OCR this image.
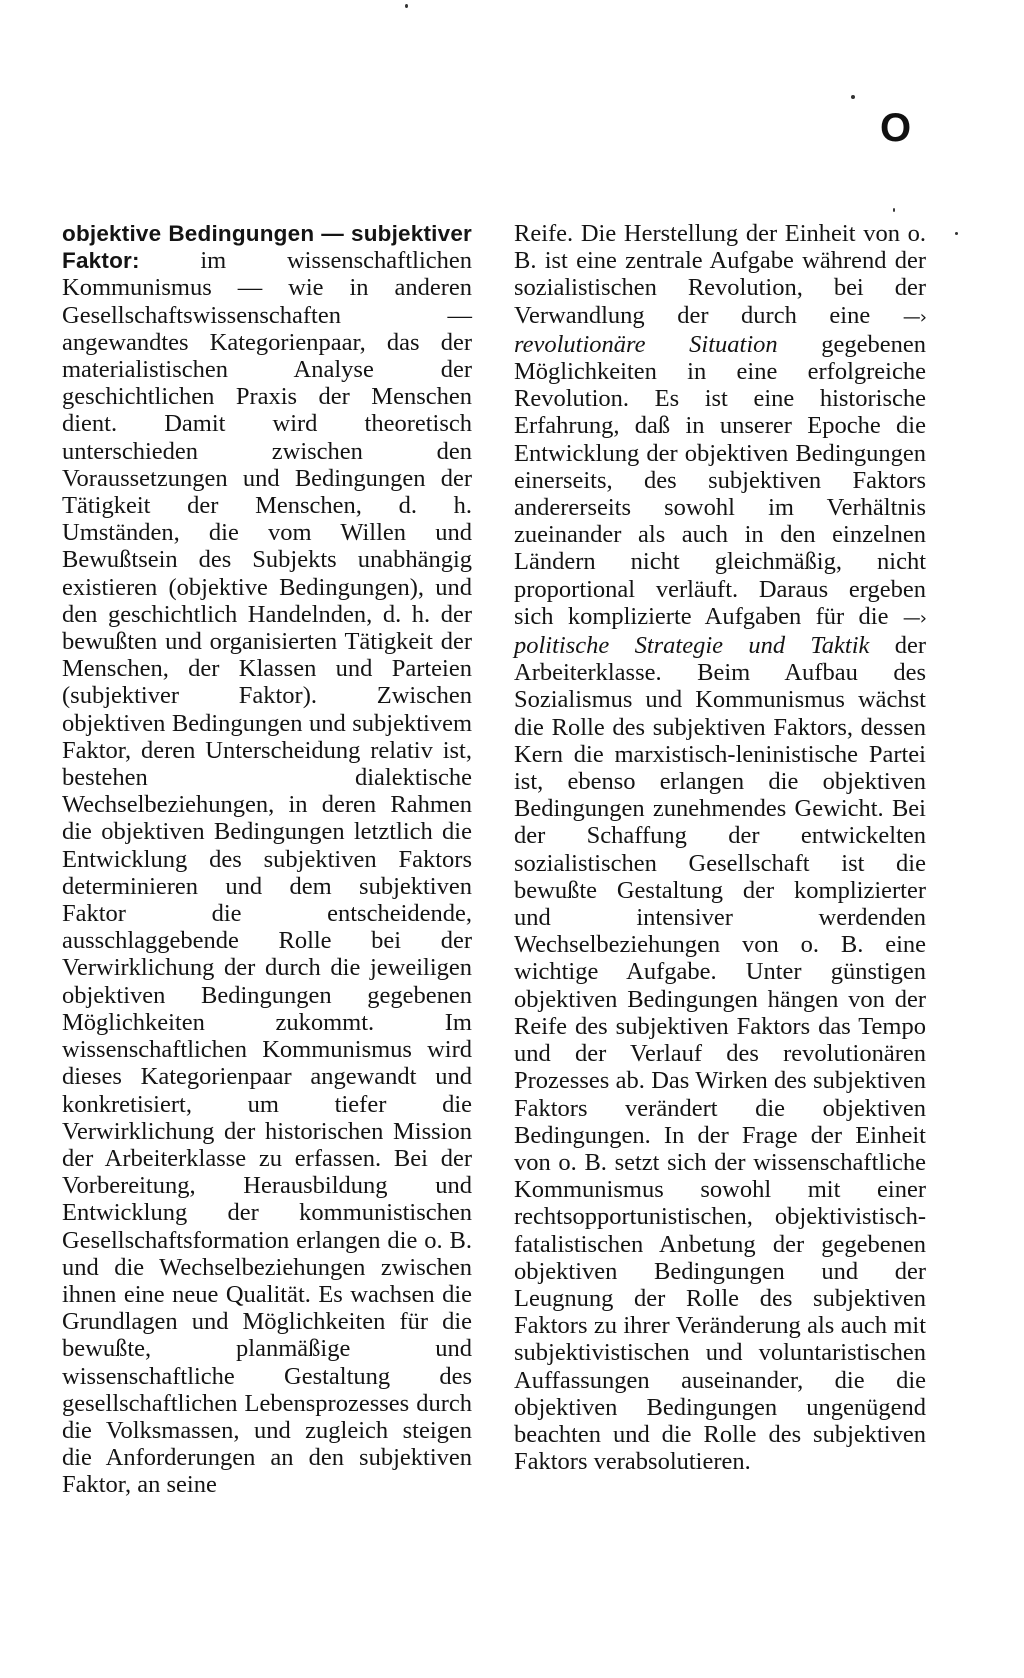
O

objektive Bedingungen — subjektiver Faktor: im wissenschaftlichen Kommunismus — wie in anderen Gesellschaftswissenschaften — angewandtes Kategorienpaar, das der materialistischen Analyse der geschichtlichen Praxis der Menschen dient. Damit wird theoretisch unterschieden zwischen den Voraussetzungen und Bedingungen der Tätigkeit der Menschen, d. h. Umständen, die vom Willen und Bewußtsein des Subjekts unabhängig existieren (objektive Bedingungen), und den geschichtlich Handelnden, d. h. der bewußten und organisierten Tätigkeit der Menschen, der Klassen und Parteien (subjektiver Faktor). Zwischen objektiven Bedingungen und subjektivem Faktor, deren Unterscheidung relativ ist, bestehen dialektische Wechselbeziehungen, in deren Rahmen die objektiven Bedingungen letztlich die Entwicklung des subjektiven Faktors determinieren und dem subjektiven Faktor die entscheidende, ausschlaggebende Rolle bei der Verwirklichung der durch die jeweiligen objektiven Bedingungen gegebenen Möglichkeiten zukommt. Im wissenschaftlichen Kommunismus wird dieses Kategorienpaar angewandt und konkretisiert, um tiefer die Verwirklichung der historischen Mission der Arbeiterklasse zu erfassen. Bei der Vorbereitung, Herausbildung und Entwicklung der kommunistischen Gesellschaftsformation erlangen die o. B. und die Wechselbeziehungen zwischen ihnen eine neue Qualität. Es wachsen die Grundlagen und Möglichkeiten für die bewußte, planmäßige und wissenschaftliche Gestaltung des gesellschaftlichen Lebensprozesses durch die Volksmassen, und zugleich steigen die Anforderungen an den subjektiven Faktor, an seine

Reife. Die Herstellung der Einheit von o. B. ist eine zentrale Aufgabe während der sozialistischen Revolution, bei der Verwandlung der durch eine —› revolutionäre Situation gegebenen Möglichkeiten in eine erfolgreiche Revolution. Es ist eine historische Erfahrung, daß in unserer Epoche die Entwicklung der objektiven Bedingungen einerseits, des subjektiven Faktors andererseits sowohl im Verhältnis zueinander als auch in den einzelnen Ländern nicht gleichmäßig, nicht proportional verläuft. Daraus ergeben sich komplizierte Aufgaben für die —› politische Strategie und Taktik der Arbeiterklasse. Beim Aufbau des Sozialismus und Kommunismus wächst die Rolle des subjektiven Faktors, dessen Kern die marxistisch-leninistische Partei ist, ebenso erlangen die objektiven Bedingungen zunehmendes Gewicht. Bei der Schaffung der entwickelten sozialistischen Gesellschaft ist die bewußte Gestaltung der komplizierter und intensiver werdenden Wechselbeziehungen von o. B. eine wichtige Aufgabe. Unter günstigen objektiven Bedingungen hängen von der Reife des subjektiven Faktors das Tempo und der Verlauf des revolutionären Prozesses ab. Das Wirken des subjektiven Faktors verändert die objektiven Bedingungen. In der Frage der Einheit von o. B. setzt sich der wissenschaftliche Kommunismus sowohl mit einer rechtsopportunistischen, objektivistisch-fatalistischen Anbetung der gegebenen objektiven Bedingungen und der Leugnung der Rolle des subjektiven Faktors zu ihrer Veränderung als auch mit subjektivistischen und voluntaristischen Auffassungen auseinander, die die objektiven Bedingungen ungenügend beachten und die Rolle des subjektiven Faktors verabsolutieren.
